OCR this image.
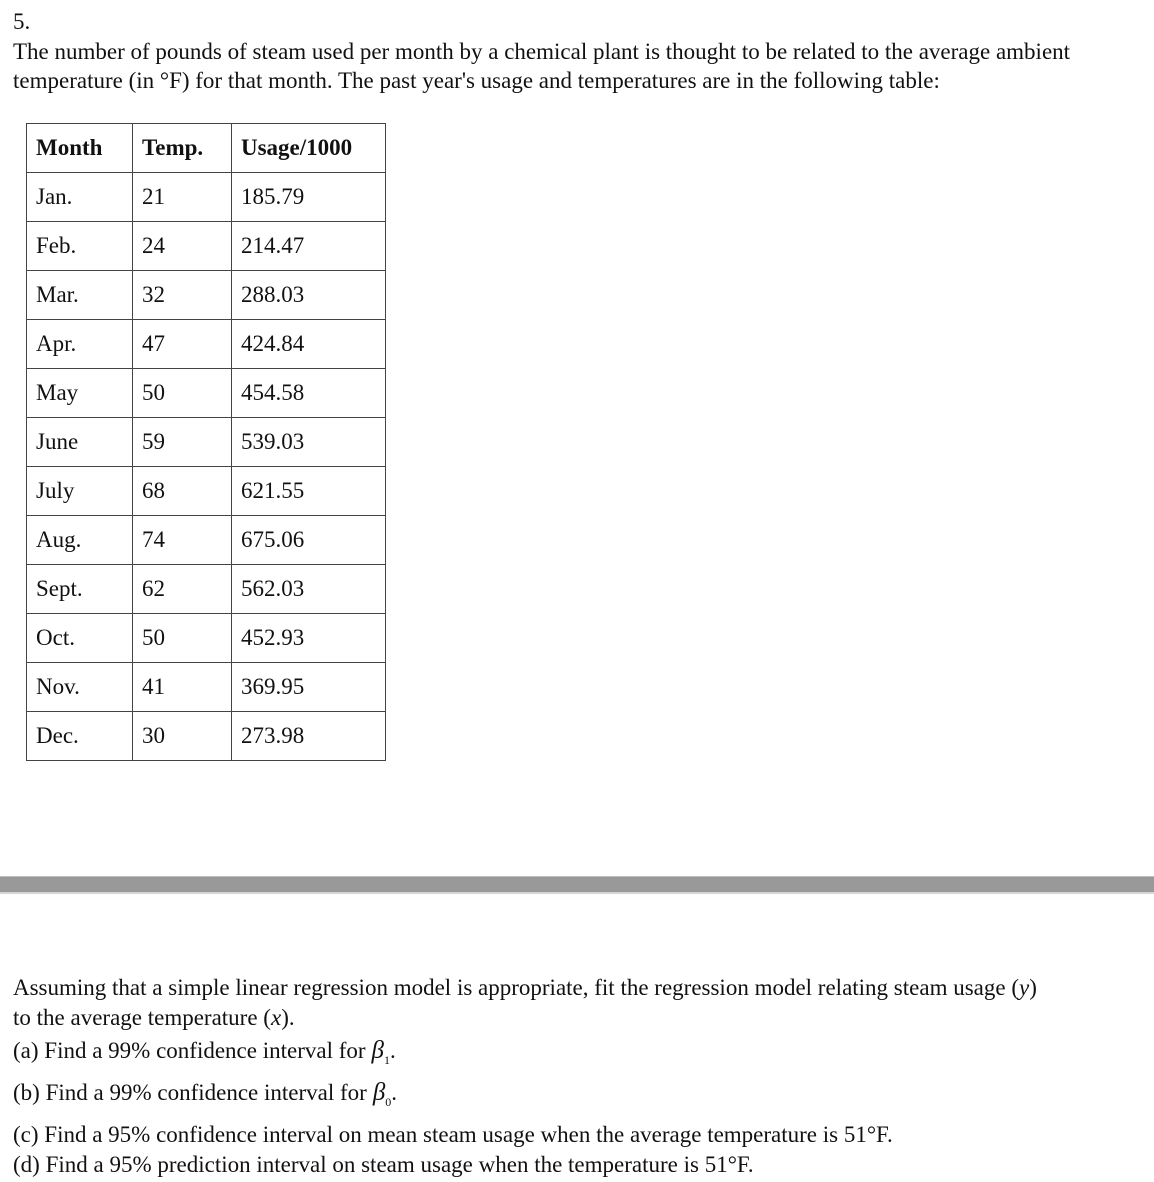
5.
The number of pounds of steam used per month by a chemical plant is thought to be related to the average ambient temperature (in °F) for that month. The past year's usage and temperatures are in the following table:
Month	Temp.	Usage/1000
Jan.	21	185.79
Feb.	24	214.47
Mar.	32	288.03
Apr.	47	424.84
May	50	454.58
June	59	539.03
July	68	621.55
Aug.	74	675.06
Sept.	62	562.03
Oct.	50	452.93
Nov.	41	369.95
Dec.	30	273.98
Assuming that a simple linear regression model is appropriate, fit the regression model relating steam usage (y)
to the average temperature (x).
(a) Find a 99% confidence interval for $\beta_1$.
(b) Find a 99% confidence interval for $\beta_0$.
(c) Find a 95% confidence interval on mean steam usage when the average temperature is 51°F.
(d) Find a 95% prediction interval on steam usage when the temperature is 51°F.
